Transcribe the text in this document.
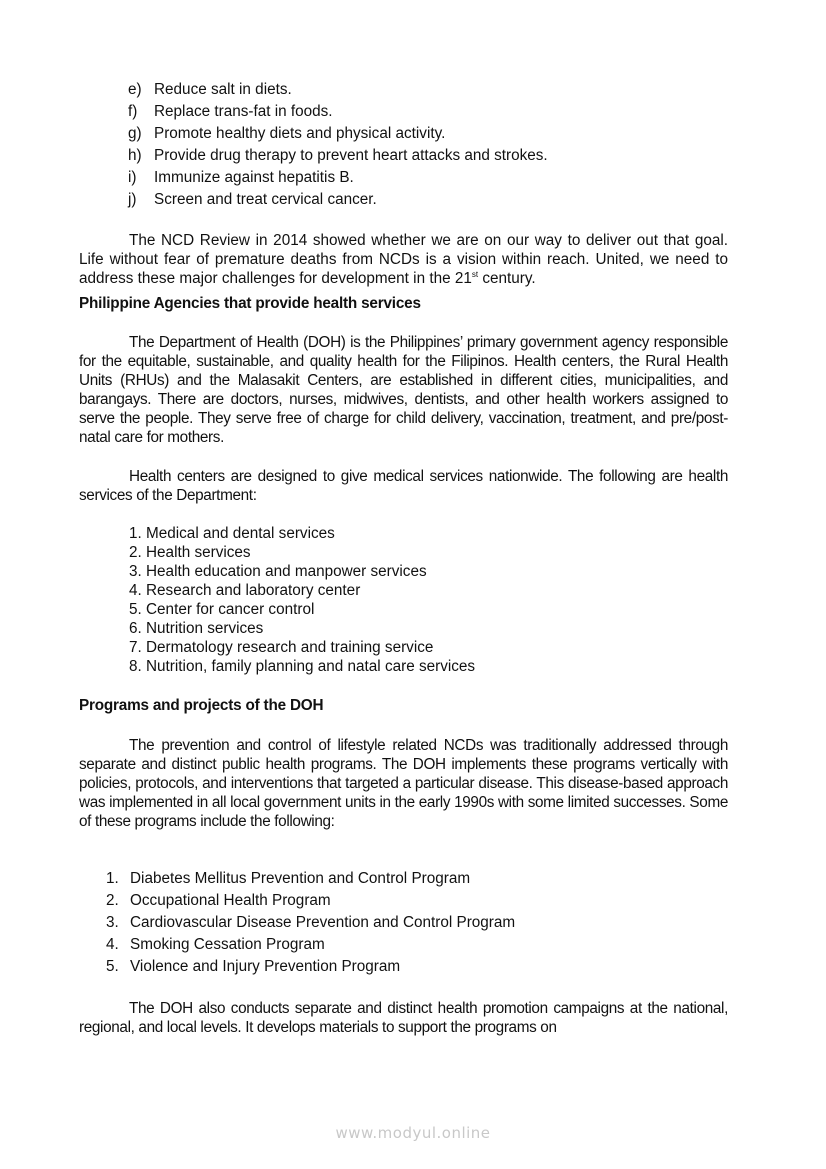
e) Reduce salt in diets.
f) Replace trans-fat in foods.
g) Promote healthy diets and physical activity.
h) Provide drug therapy to prevent heart attacks and strokes.
i) Immunize against hepatitis B.
j) Screen and treat cervical cancer.

The NCD Review in 2014 showed whether we are on our way to deliver out that goal. Life without fear of premature deaths from NCDs is a vision within reach. United, we need to address these major challenges for development in the 21st century.

Philippine Agencies that provide health services

The Department of Health (DOH) is the Philippines’ primary government agency responsible for the equitable, sustainable, and quality health for the Filipinos. Health centers, the Rural Health Units (RHUs) and the Malasakit Centers, are established in different cities, municipalities, and barangays. There are doctors, nurses, midwives, dentists, and other health workers assigned to serve the people. They serve free of charge for child delivery, vaccination, treatment, and pre/post-natal care for mothers.

Health centers are designed to give medical services nationwide. The following are health services of the Department:

1. Medical and dental services
2. Health services
3. Health education and manpower services
4. Research and laboratory center
5. Center for cancer control
6. Nutrition services
7. Dermatology research and training service
8. Nutrition, family planning and natal care services
Programs and projects of the DOH

The prevention and control of lifestyle related NCDs was traditionally addressed through separate and distinct public health programs. The DOH implements these programs vertically with policies, protocols, and interventions that targeted a particular disease. This disease-based approach was implemented in all local government units in the early 1990s with some limited successes. Some of these programs include the following:

1. Diabetes Mellitus Prevention and Control Program
2. Occupational Health Program
3. Cardiovascular Disease Prevention and Control Program
4. Smoking Cessation Program
5. Violence and Injury Prevention Program

The DOH also conducts separate and distinct health promotion campaigns at the national, regional, and local levels. It develops materials to support the programs on

www.modyul.online
